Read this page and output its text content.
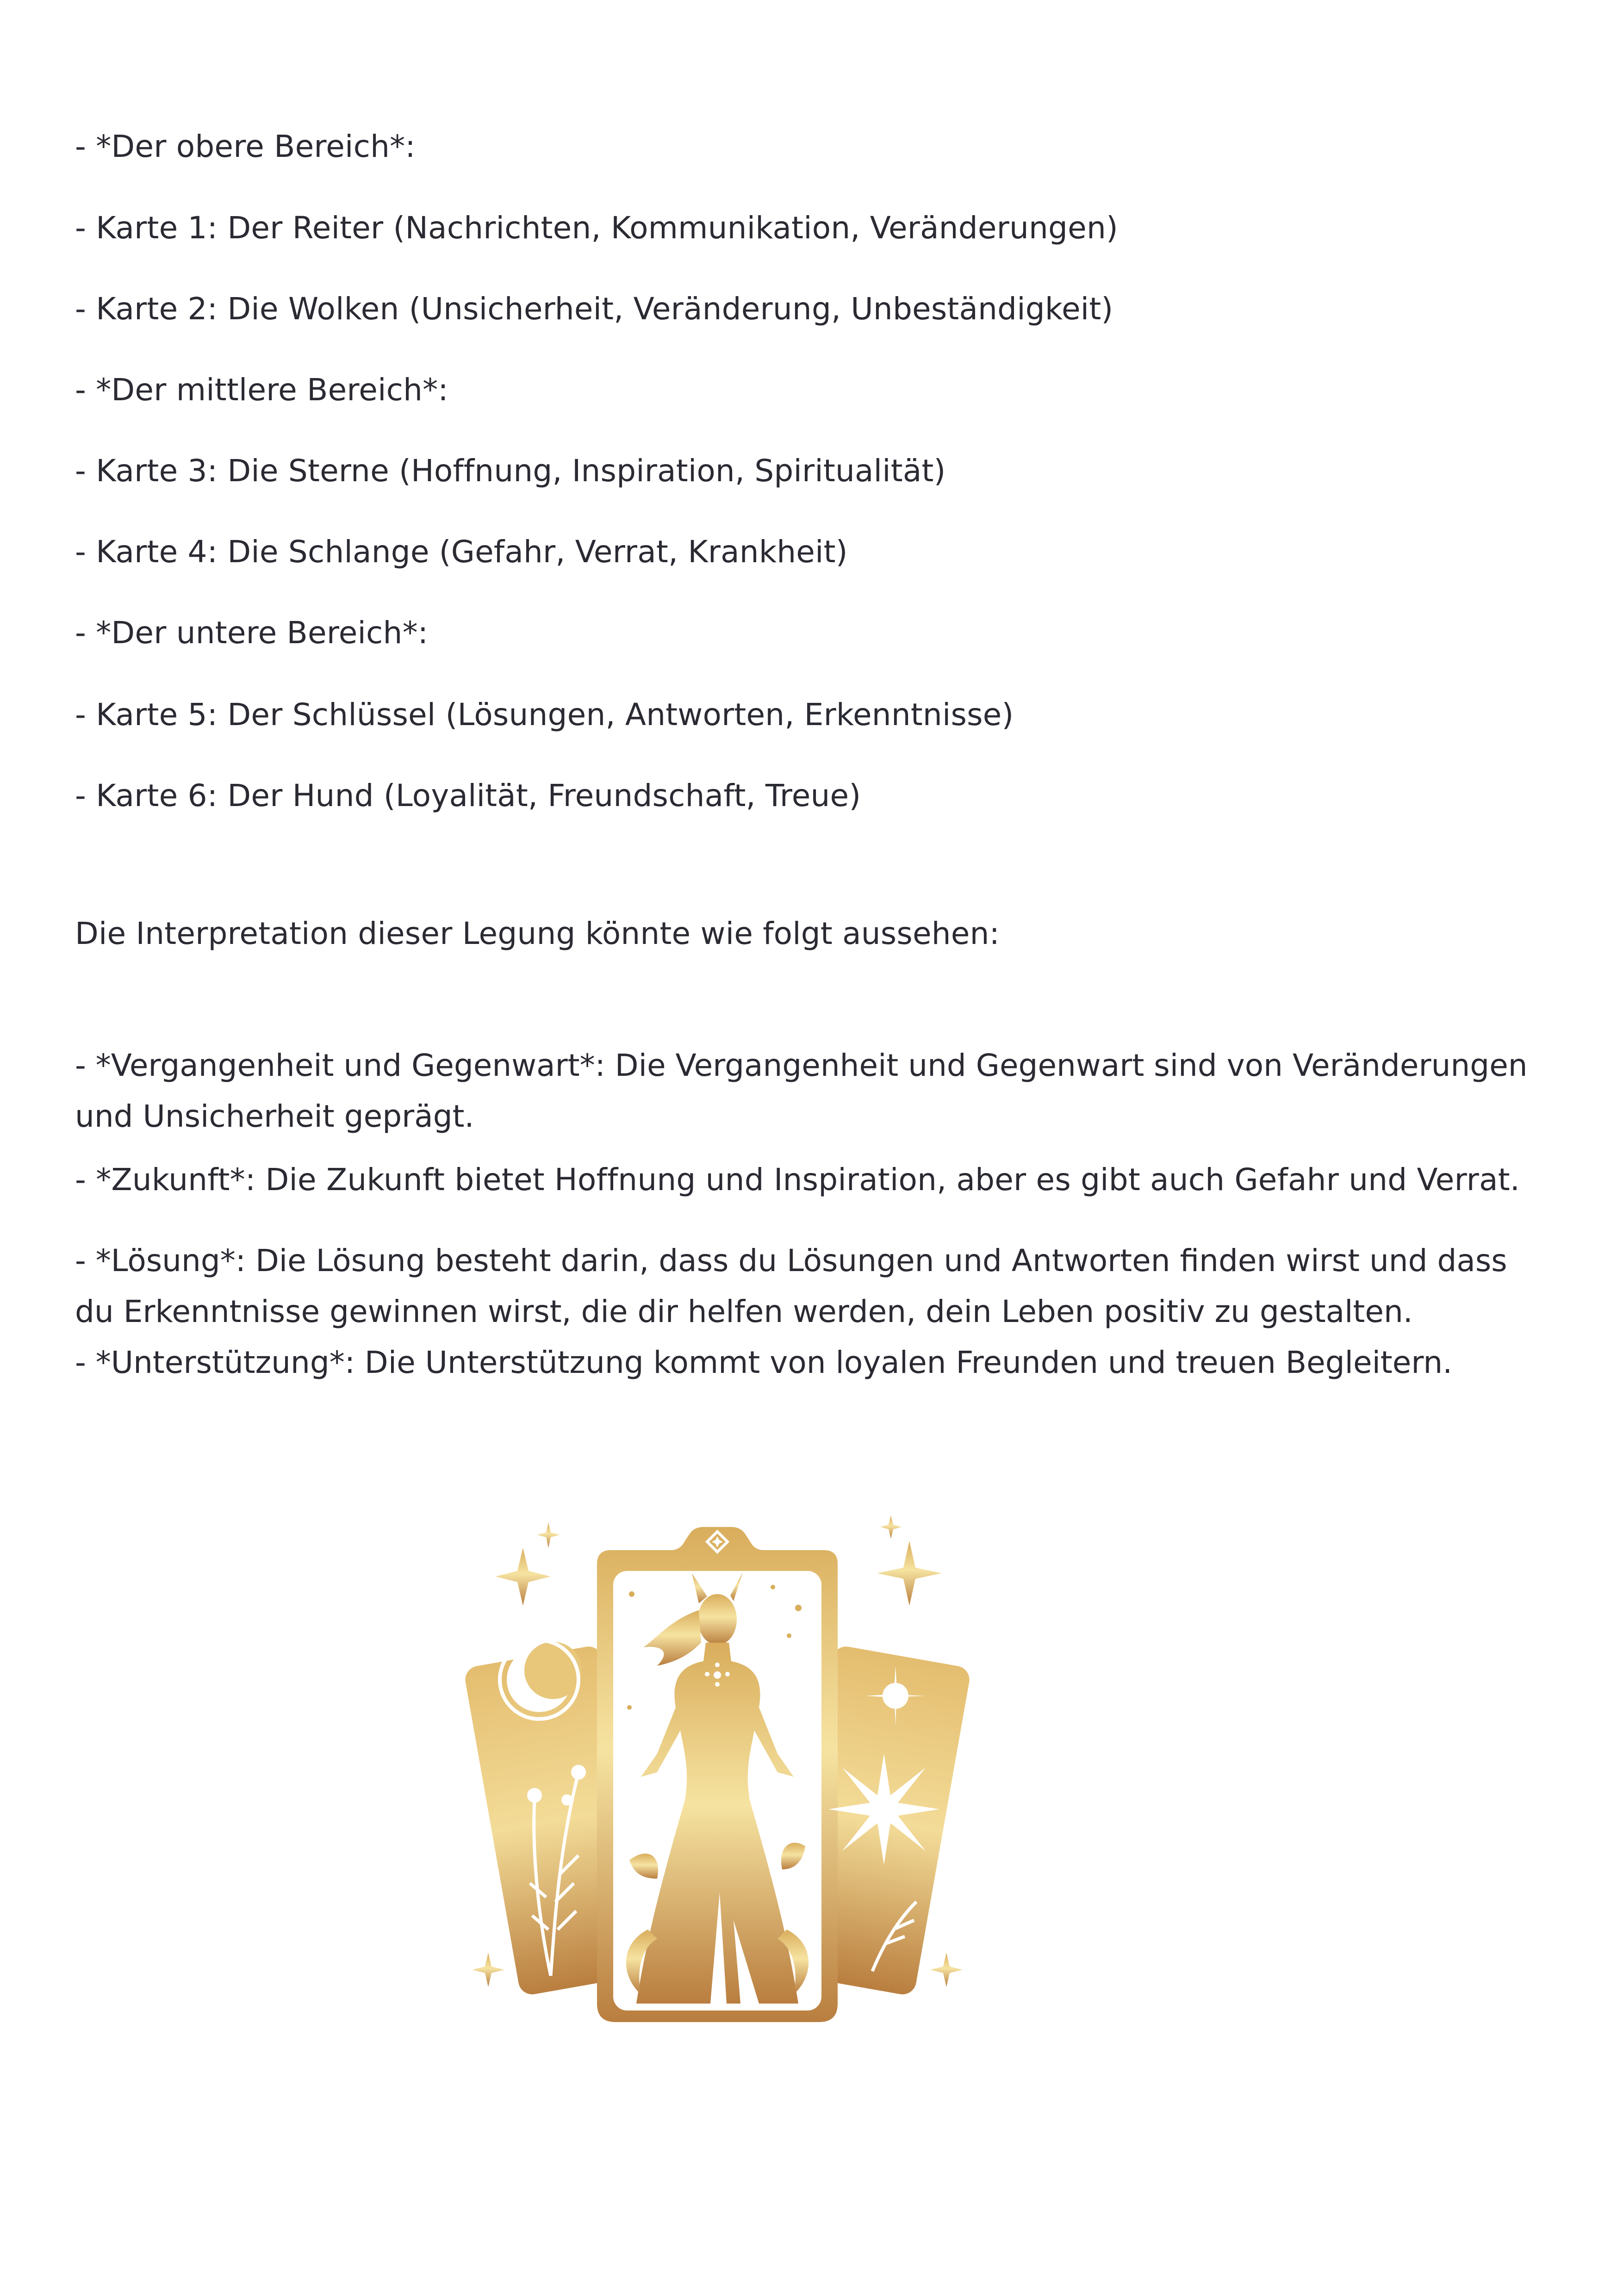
- *Der obere Bereich*:
- Karte 1: Der Reiter (Nachrichten, Kommunikation, Veränderungen)
- Karte 2: Die Wolken (Unsicherheit, Veränderung, Unbeständigkeit)
- *Der mittlere Bereich*:
- Karte 3: Die Sterne (Hoffnung, Inspiration, Spiritualität)
- Karte 4: Die Schlange (Gefahr, Verrat, Krankheit)
- *Der untere Bereich*:
- Karte 5: Der Schlüssel (Lösungen, Antworten, Erkenntnisse)
- Karte 6: Der Hund (Loyalität, Freundschaft, Treue)
Die Interpretation dieser Legung könnte wie folgt aussehen:
- *Vergangenheit und Gegenwart*: Die Vergangenheit und Gegenwart sind von Veränderungen
und Unsicherheit geprägt.
- *Zukunft*: Die Zukunft bietet Hoffnung und Inspiration, aber es gibt auch Gefahr und Verrat.
- *Lösung*: Die Lösung besteht darin, dass du Lösungen und Antworten finden wirst und dass
du Erkenntnisse gewinnen wirst, die dir helfen werden, dein Leben positiv zu gestalten.
- *Unterstützung*: Die Unterstützung kommt von loyalen Freunden und treuen Begleitern.
